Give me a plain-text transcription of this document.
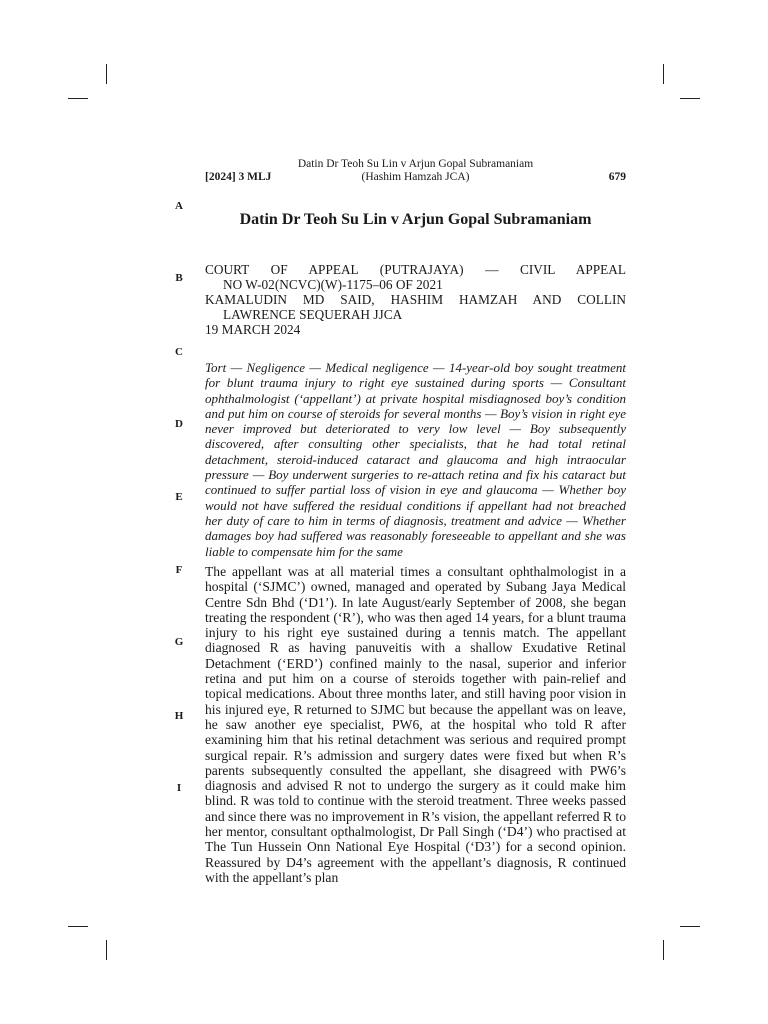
Datin Dr Teoh Su Lin v Arjun Gopal Subramaniam
(Hashim Hamzah JCA)
[2024] 3 MLJ	679
A
B
C
D
E
F
G
H
I
Datin Dr Teoh Su Lin v Arjun Gopal Subramaniam
COURT OF APPEAL (PUTRAJAYA) — CIVIL APPEAL
NO W-02(NCVC)(W)-1175–06 OF 2021
KAMALUDIN MD SAID, HASHIM HAMZAH AND COLLIN
LAWRENCE SEQUERAH JJCA
19 MARCH 2024
Tort — Negligence — Medical negligence — 14-year-old boy sought treatment for blunt trauma injury to right eye sustained during sports — Consultant ophthalmologist (‘appellant’) at private hospital misdiagnosed boy’s condition and put him on course of steroids for several months — Boy’s vision in right eye never improved but deteriorated to very low level — Boy subsequently discovered, after consulting other specialists, that he had total retinal detachment, steroid-induced cataract and glaucoma and high intraocular pressure — Boy underwent surgeries to re-attach retina and fix his cataract but continued to suffer partial loss of vision in eye and glaucoma — Whether boy would not have suffered the residual conditions if appellant had not breached her duty of care to him in terms of diagnosis, treatment and advice — Whether damages boy had suffered was reasonably foreseeable to appellant and she was liable to compensate him for the same
The appellant was at all material times a consultant ophthalmologist in a hospital (‘SJMC’) owned, managed and operated by Subang Jaya Medical Centre Sdn Bhd (‘D1’). In late August/early September of 2008, she began treating the respondent (‘R’), who was then aged 14 years, for a blunt trauma injury to his right eye sustained during a tennis match. The appellant diagnosed R as having panuveitis with a shallow Exudative Retinal Detachment (‘ERD’) confined mainly to the nasal, superior and inferior retina and put him on a course of steroids together with pain-relief and topical medications. About three months later, and still having poor vision in his injured eye, R returned to SJMC but because the appellant was on leave, he saw another eye specialist, PW6, at the hospital who told R after examining him that his retinal detachment was serious and required prompt surgical repair. R’s admission and surgery dates were fixed but when R’s parents subsequently consulted the appellant, she disagreed with PW6’s diagnosis and advised R not to undergo the surgery as it could make him blind. R was told to continue with the steroid treatment. Three weeks passed and since there was no improvement in R’s vision, the appellant referred R to her mentor, consultant opthalmologist, Dr Pall Singh (‘D4’) who practised at The Tun Hussein Onn National Eye Hospital (‘D3’) for a second opinion. Reassured by D4’s agreement with the appellant’s diagnosis, R continued with the appellant’s plan
